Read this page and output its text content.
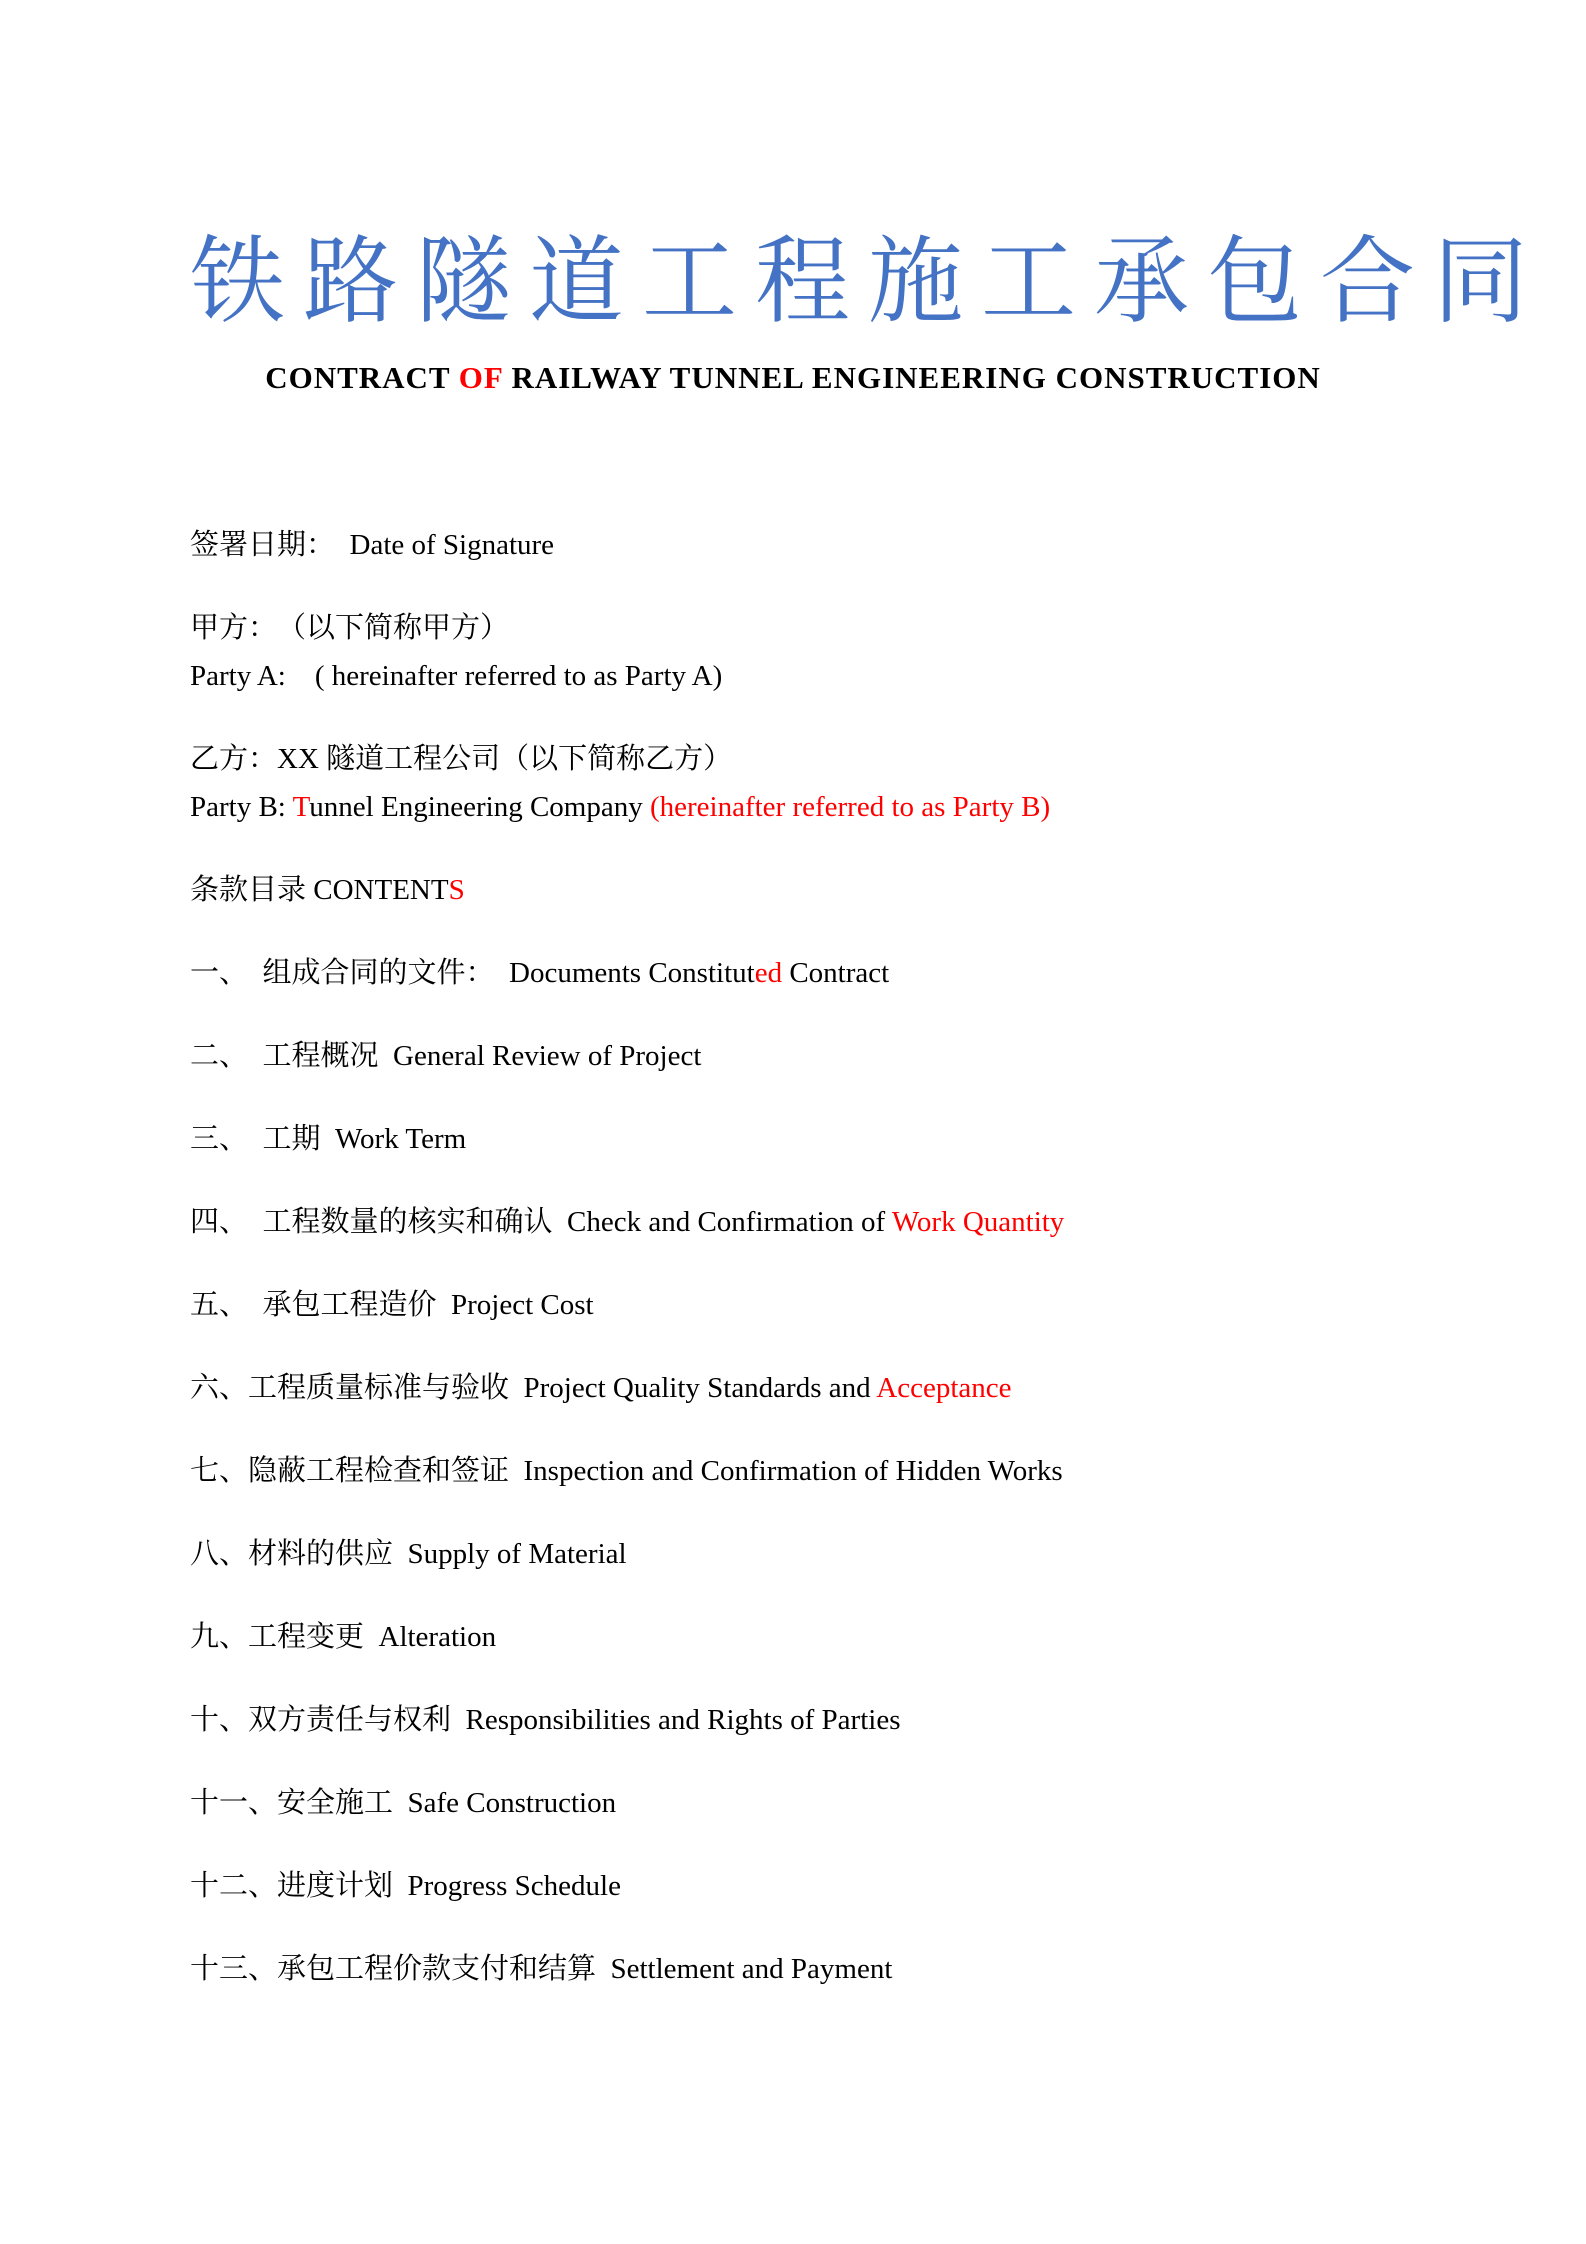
铁路隧道工程施工承包合同
CONTRACT OF RAILWAY TUNNEL ENGINEERING CONSTRUCTION
签署日期：　Date of Signature
甲方：　（以下简称甲方）
Party A:　( hereinafter referred to as Party A)
乙方：XX 隧道工程公司（以下简称乙方）
Party B: Tunnel Engineering Company (hereinafter referred to as Party B)
条款目录 CONTENTS
一、　组成合同的文件：　Documents Constituted Contract
二、　工程概况  General Review of Project
三、　工期  Work Term
四、　工程数量的核实和确认  Check and Confirmation of Work Quantity
五、　承包工程造价  Project Cost
六、工程质量标准与验收  Project Quality Standards and Acceptance
七、隐蔽工程检查和签证  Inspection and Confirmation of Hidden Works
八、材料的供应  Supply of Material
九、工程变更  Alteration
十、双方责任与权利  Responsibilities and Rights of Parties
十一、安全施工  Safe Construction
十二、进度计划  Progress Schedule
十三、承包工程价款支付和结算  Settlement and Payment
